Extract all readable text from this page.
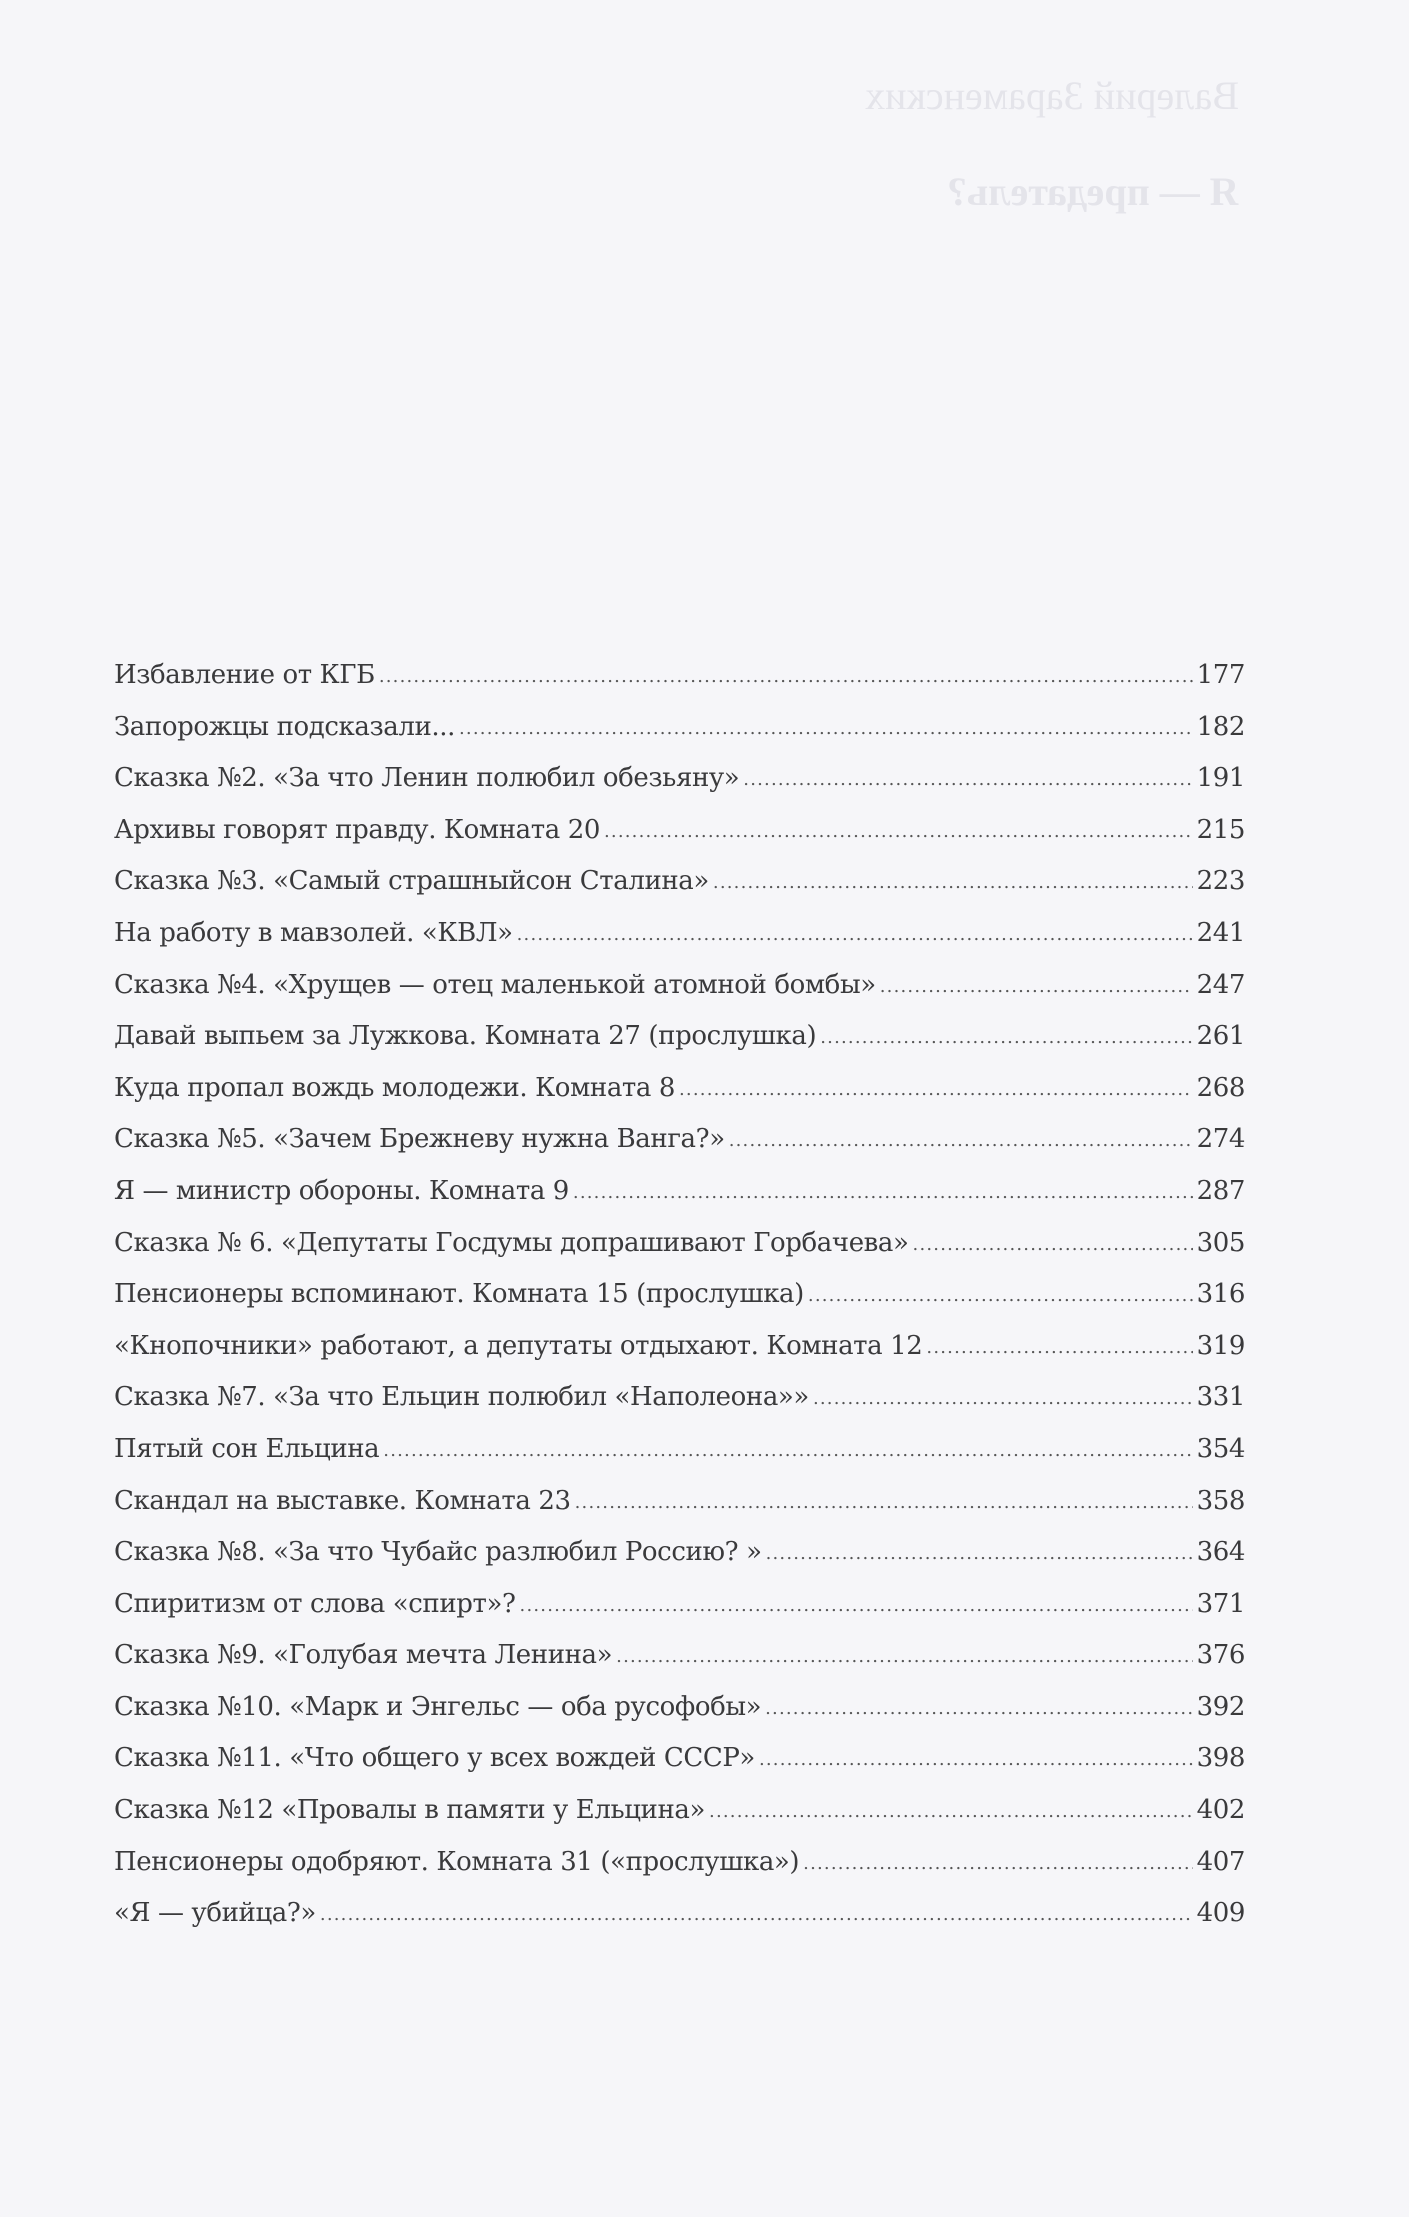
Валерий Зараменских
Я — предатель?
Избавление от КГБ .....	177
Запорожцы подсказали... .....	182
Сказка №2. «За что Ленин полюбил обезьяну» .....	191
Архивы говорят правду. Комната 20 .....	215
Сказка №3. «Самый страшныйсон Сталина» .....	223
На работу в мавзолей. «КВЛ» .....	241
Сказка №4. «Хрущев — отец маленькой атомной бомбы» .....	247
Давай выпьем за Лужкова. Комната 27 (прослушка) .....	261
Куда пропал вождь молодежи. Комната 8 .....	268
Сказка №5. «Зачем Брежневу нужна Ванга?» .....	274
Я — министр обороны. Комната 9 .....	287
Сказка № 6. «Депутаты Госдумы допрашивают Горбачева» .....	305
Пенсионеры вспоминают. Комната 15 (прослушка) .....	316
«Кнопочники» работают, а депутаты отдыхают. Комната 12 .....	319
Сказка №7. «За что Ельцин полюбил «Наполеона»» .....	331
Пятый сон Ельцина .....	354
Скандал на выставке. Комната 23 .....	358
Сказка №8. «За что Чубайс разлюбил Россию? » .....	364
Спиритизм от слова «спирт»? .....	371
Сказка №9. «Голубая мечта Ленина» .....	376
Сказка №10. «Марк и Энгельс — оба русофобы» .....	392
Сказка №11. «Что общего у всех вождей СССР» .....	398
Сказка №12 «Провалы в памяти у Ельцина» .....	402
Пенсионеры одобряют. Комната 31 («прослушка») .....	407
«Я — убийца?» .....	409
